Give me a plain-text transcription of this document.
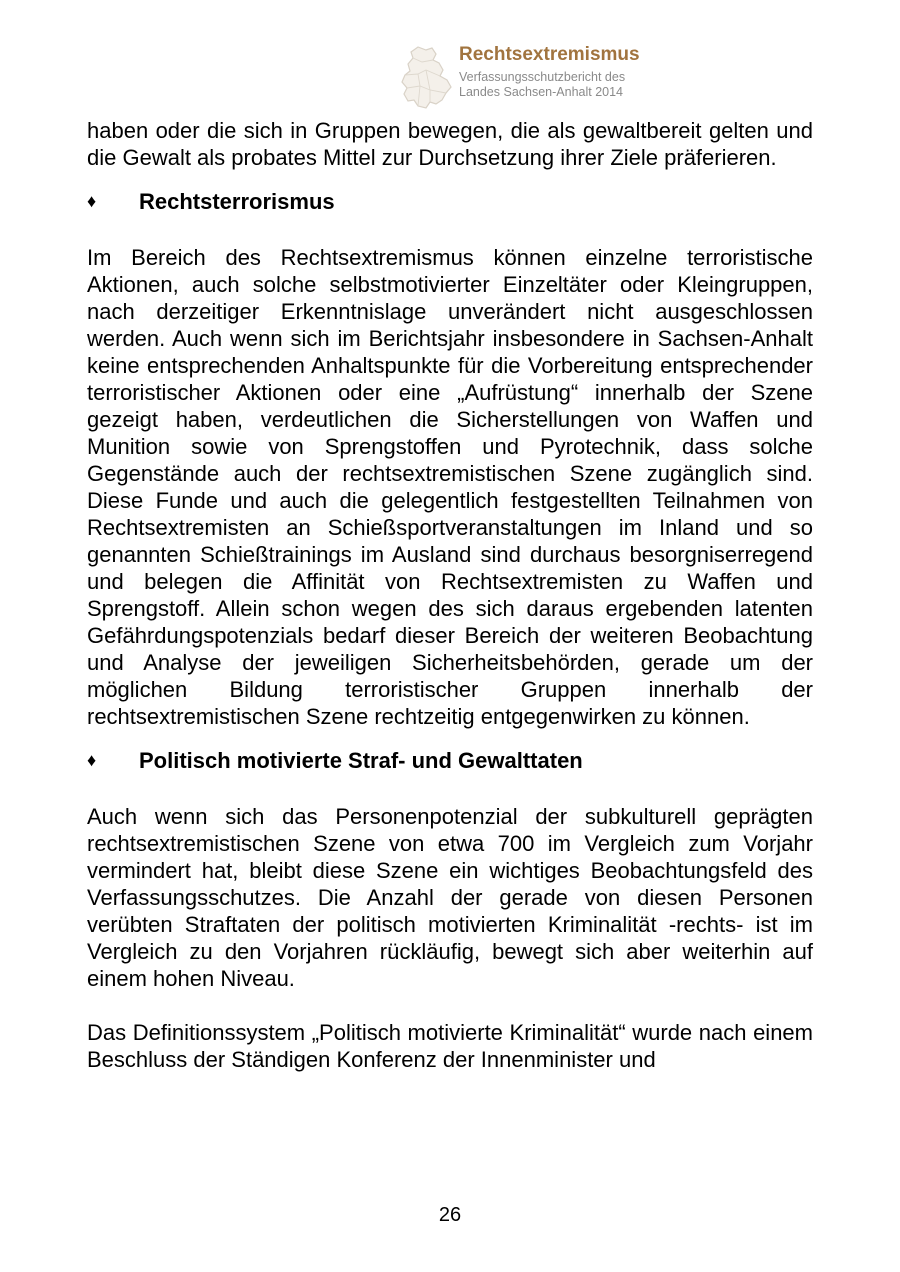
Rechtsextremismus
Verfassungsschutzbericht des
Landes Sachsen-Anhalt 2014

haben oder die sich in Gruppen bewegen, die als gewaltbereit gelten und die Gewalt als probates Mittel zur Durchsetzung ihrer Ziele präferieren.

♦	Rechtsterrorismus

Im Bereich des Rechtsextremismus können einzelne terroristische Aktionen, auch solche selbstmotivierter Einzeltäter oder Kleingruppen, nach derzeitiger Erkenntnislage unverändert nicht ausgeschlossen werden. Auch wenn sich im Berichtsjahr insbesondere in Sachsen-Anhalt keine entsprechenden Anhaltspunkte für die Vorbereitung entsprechender terroristischer Aktionen oder eine „Aufrüstung“ innerhalb der Szene gezeigt haben, verdeutlichen die Sicherstellungen von Waffen und Munition sowie von Sprengstoffen und Pyrotechnik, dass solche Gegenstände auch der rechtsextremistischen Szene zugänglich sind. Diese Funde und auch die gelegentlich festgestellten Teilnahmen von Rechtsextremisten an Schießsportveranstaltungen im Inland und so genannten Schießtrainings im Ausland sind durchaus besorgniserregend und belegen die Affinität von Rechtsextremisten zu Waffen und Sprengstoff. Allein schon wegen des sich daraus ergebenden latenten Gefährdungspotenzials bedarf dieser Bereich der weiteren Beobachtung und Analyse der jeweiligen Sicherheitsbehörden, gerade um der möglichen Bildung terroristischer Gruppen innerhalb der rechtsextremistischen Szene rechtzeitig entgegenwirken zu können.

♦	Politisch motivierte Straf- und Gewalttaten

Auch wenn sich das Personenpotenzial der subkulturell geprägten rechtsextremistischen Szene von etwa 700 im Vergleich zum Vorjahr vermindert hat, bleibt diese Szene ein wichtiges Beobachtungsfeld des Verfassungsschutzes. Die Anzahl der gerade von diesen Personen verübten Straftaten der politisch motivierten Kriminalität -rechts- ist im Vergleich zu den Vorjahren rückläufig, bewegt sich aber weiterhin auf einem hohen Niveau.

Das Definitionssystem „Politisch motivierte Kriminalität“ wurde nach einem Beschluss der Ständigen Konferenz der Innenminister und

26
